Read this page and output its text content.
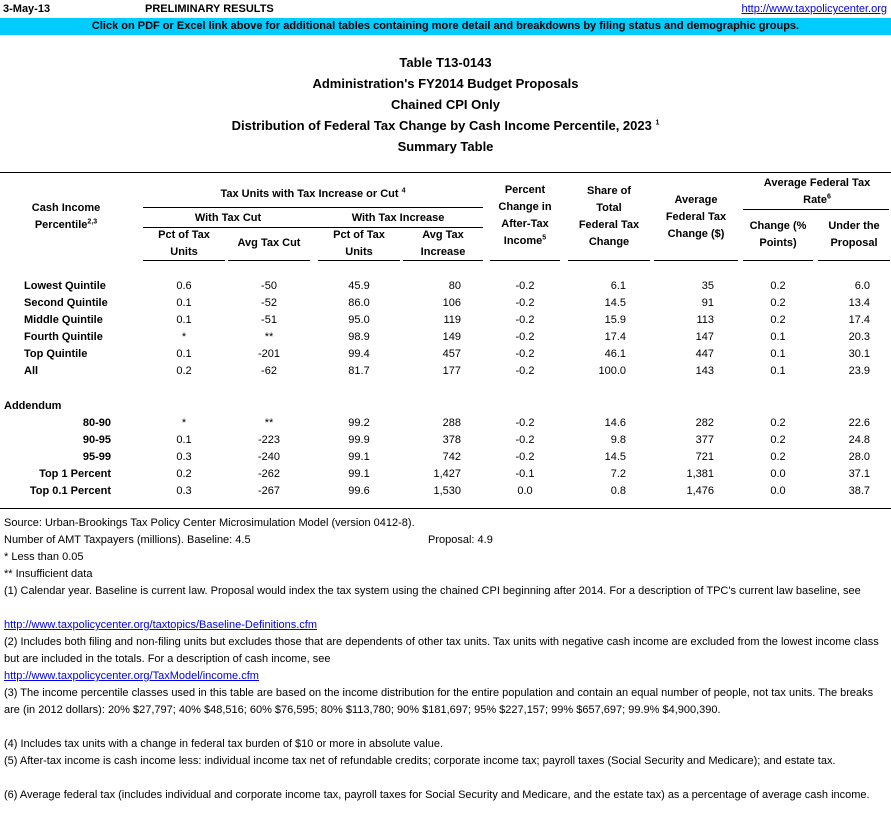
3-May-13	PRELIMINARY RESULTS	http://www.taxpolicycenter.org
Click on PDF or Excel link above for additional tables containing more detail and breakdowns by filing status and demographic groups.
Table T13-0143
Administration's FY2014 Budget Proposals
Chained CPI Only
Distribution of Federal Tax Change by Cash Income Percentile, 2023 $^1$
Summary Table
Cash Income
Percentile$^{2,3}$
Tax Units with Tax Increase or Cut $^4$
With Tax Cut	With Tax Increase
Pct of Tax
Units
Avg Tax Cut
Pct of Tax
Units
Avg Tax
Increase
Percent
Change in
After-Tax
Income$^5$
Share of
Total
Federal Tax
Change
Average
Federal Tax
Change ($)
Average Federal Tax
Rate$^6$
Change (%
Points)
Under the
Proposal
Lowest Quintile	0.6	-50	45.9	80	-0.2	6.1	35	0.2	6.0
Second Quintile	0.1	-52	86.0	106	-0.2	14.5	91	0.2	13.4
Middle Quintile	0.1	-51	95.0	119	-0.2	15.9	113	0.2	17.4
Fourth Quintile	*	**	98.9	149	-0.2	17.4	147	0.1	20.3
Top Quintile	0.1	-201	99.4	457	-0.2	46.1	447	0.1	30.1
All	0.2	-62	81.7	177	-0.2	100.0	143	0.1	23.9
Addendum
80-90	*	**	99.2	288	-0.2	14.6	282	0.2	22.6
90-95	0.1	-223	99.9	378	-0.2	9.8	377	0.2	24.8
95-99	0.3	-240	99.1	742	-0.2	14.5	721	0.2	28.0
Top 1 Percent	0.2	-262	99.1	1,427	-0.1	7.2	1,381	0.0	37.1
Top 0.1 Percent	0.3	-267	99.6	1,530	0.0	0.8	1,476	0.0	38.7
Source: Urban-Brookings Tax Policy Center Microsimulation Model (version 0412-8).
Number of AMT Taxpayers (millions). Baseline: 4.5	Proposal: 4.9
* Less than 0.05
** Insufficient data
(1) Calendar year. Baseline is current law. Proposal would index the tax system using the chained CPI beginning after 2014. For a description of TPC's current law baseline, see
http://www.taxpolicycenter.org/taxtopics/Baseline-Definitions.cfm
(2) Includes both filing and non-filing units but excludes those that are dependents of other tax units. Tax units with negative cash income are excluded from the lowest income class but are included in the totals. For a description of cash income, see
http://www.taxpolicycenter.org/TaxModel/income.cfm
(3) The income percentile classes used in this table are based on the income distribution for the entire population and contain an equal number of people, not tax units. The breaks are (in 2012 dollars): 20% $27,797; 40% $48,516; 60% $76,595; 80% $113,780; 90% $181,697; 95% $227,157; 99% $657,697; 99.9% $4,900,390.
(4) Includes tax units with a change in federal tax burden of $10 or more in absolute value.
(5) After-tax income is cash income less: individual income tax net of refundable credits; corporate income tax; payroll taxes (Social Security and Medicare); and estate tax.
(6) Average federal tax (includes individual and corporate income tax, payroll taxes for Social Security and Medicare, and the estate tax) as a percentage of average cash income.
